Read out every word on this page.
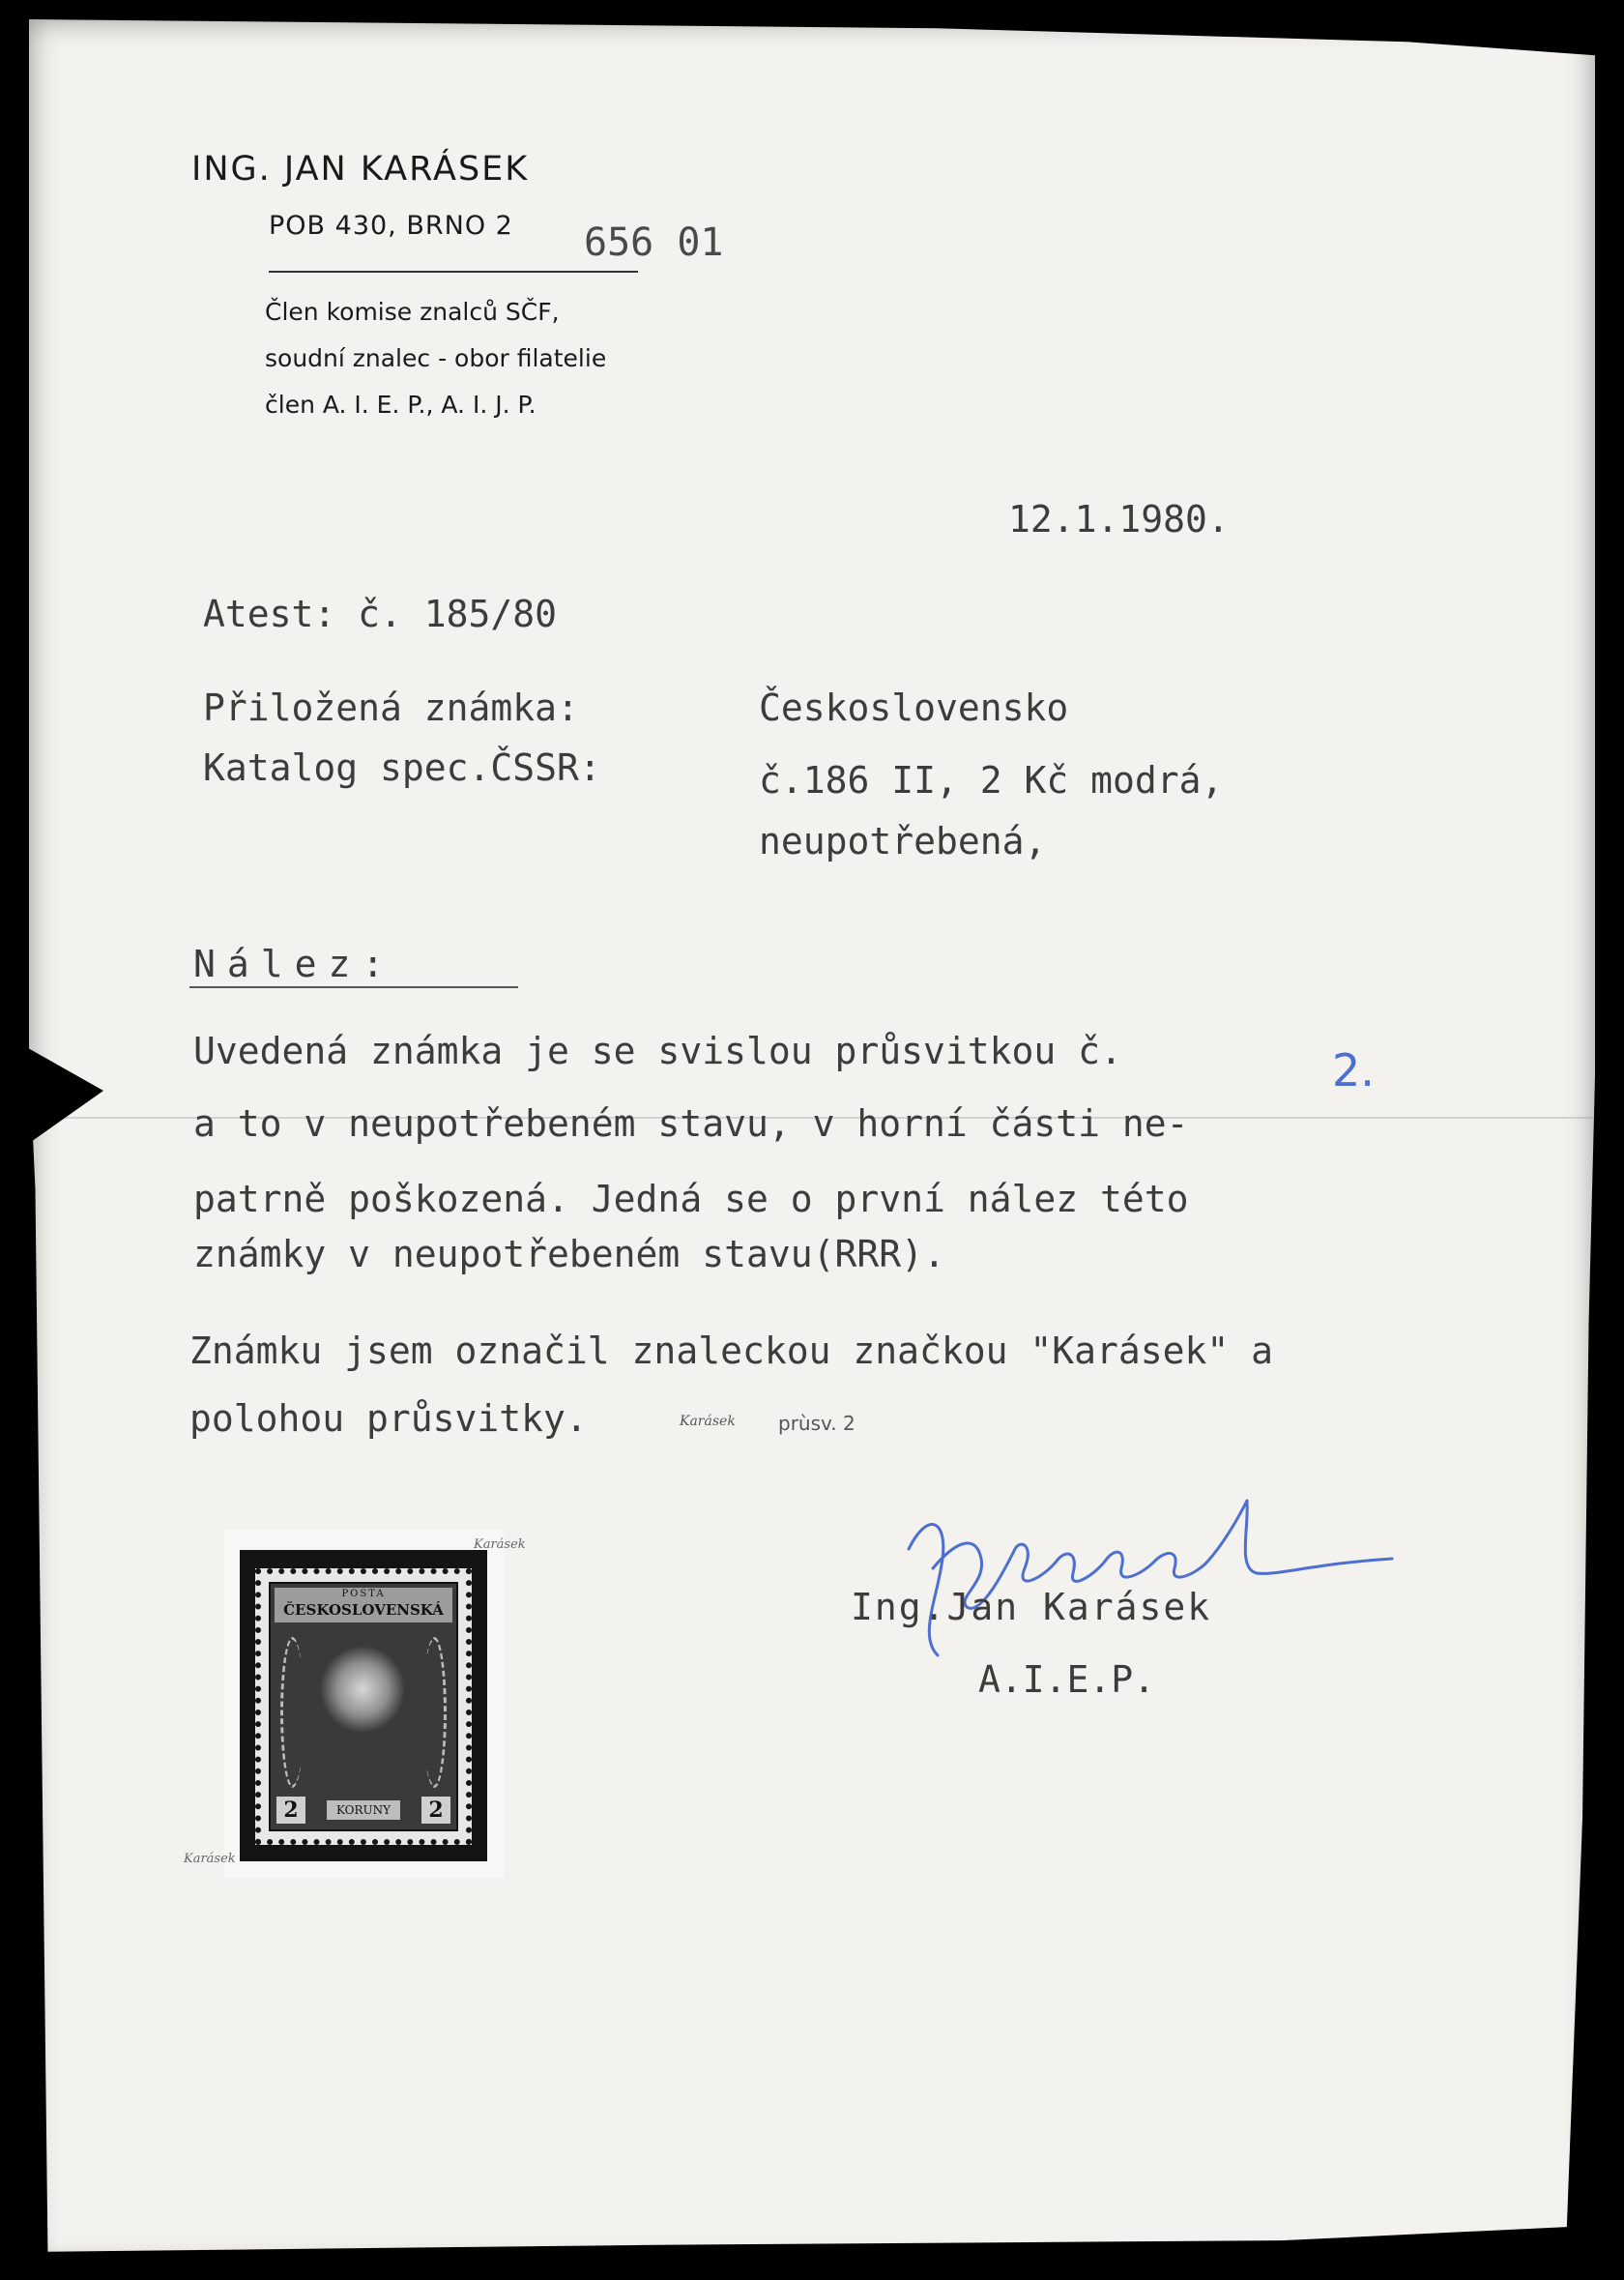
ING. JAN KARÁSEK
POB 430, BRNO 2 656 01
Člen komise znalců SČF,
soudní znalec - obor filatelie
člen A. I. E. P., A. I. J. P.
12.1.1980.
Atest: č. 185/80
Přiložená známka:	Československo
Katalog spec.ČSSR:	č.186 II, 2 Kč modrá,
neupotřebená,
Nález:
Uvedená známka je se svislou průsvitkou č.	2.
a to v neupotřebeném stavu, v horní části ne-
patrně poškozená. Jedná se o první nález této
známky v neupotřebeném stavu(RRR).
Známku jsem označil znaleckou značkou "Karásek" a
polohou průsvitky.	Karásek prùsv. 2
POSTA
ČESKOSLOVENSKÁ
2	KORUNY	2
Karásek
Karásek
Ing.Jan Karásek
A.I.E.P.
